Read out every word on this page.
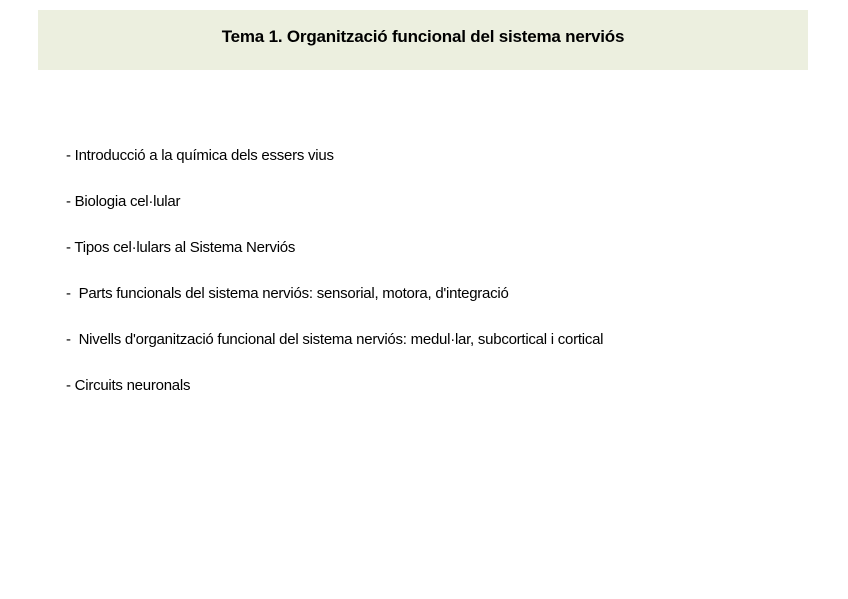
Tema 1. Organització funcional del sistema nerviós
- Introducció a la química dels essers vius
- Biologia cel·lular
- Tipos cel·lulars al Sistema Nerviós
-  Parts funcionals del sistema nerviós: sensorial, motora, d'integració
-  Nivells d'organització funcional del sistema nerviós: medul·lar, subcortical i cortical
- Circuits neuronals
